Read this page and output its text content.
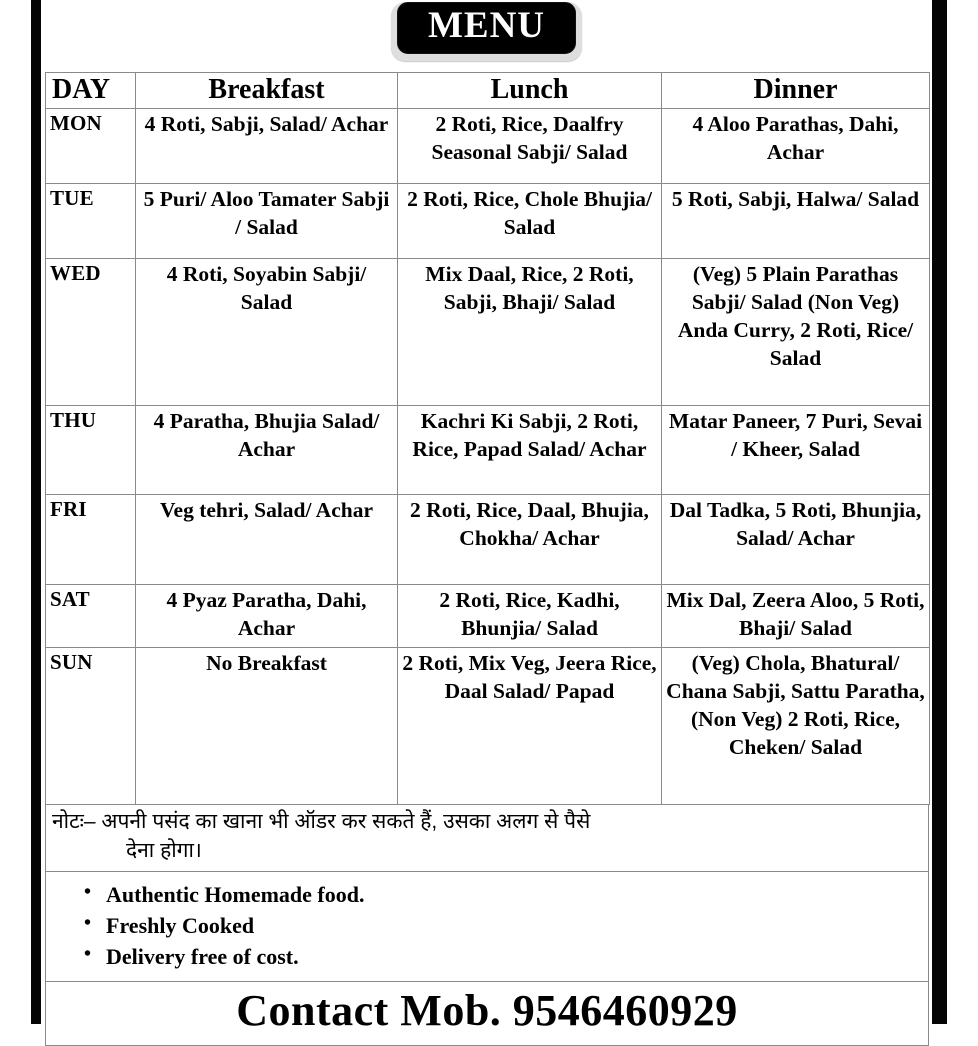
MENU
DAY	Breakfast	Lunch	Dinner
MON	4 Roti, Sabji, Salad/ Achar	2 Roti, Rice, Daalfry Seasonal Sabji/ Salad	4 Aloo Parathas, Dahi, Achar
TUE	5 Puri/ Aloo Tamater Sabji / Salad	2 Roti, Rice, Chole Bhujia/ Salad	5 Roti, Sabji, Halwa/ Salad
WED	4 Roti, Soyabin Sabji/ Salad	Mix Daal, Rice, 2 Roti, Sabji, Bhaji/ Salad	(Veg) 5 Plain Parathas Sabji/ Salad (Non Veg) Anda Curry, 2 Roti, Rice/ Salad
THU	4 Paratha, Bhujia Salad/ Achar	Kachri Ki Sabji, 2 Roti, Rice, Papad Salad/ Achar	Matar Paneer, 7 Puri, Sevai / Kheer, Salad
FRI	Veg tehri, Salad/ Achar	2 Roti, Rice, Daal, Bhujia, Chokha/ Achar	Dal Tadka, 5 Roti, Bhunjia, Salad/ Achar
SAT	4 Pyaz Paratha, Dahi, Achar	2 Roti, Rice, Kadhi, Bhunjia/ Salad	Mix Dal, Zeera Aloo, 5 Roti, Bhaji/ Salad
SUN	No Breakfast	2 Roti, Mix Veg, Jeera Rice, Daal Salad/ Papad	(Veg) Chola, Bhatural/ Chana Sabji, Sattu Paratha, (Non Veg) 2 Roti, Rice, Cheken/ Salad
नोटः– अपनी पसंद का खाना भी ऑडर कर सकते हैं, उसका अलग से पैसे
देना होगा।
• Authentic Homemade food.
• Freshly Cooked
• Delivery free of cost.
Contact Mob. 9546460929
